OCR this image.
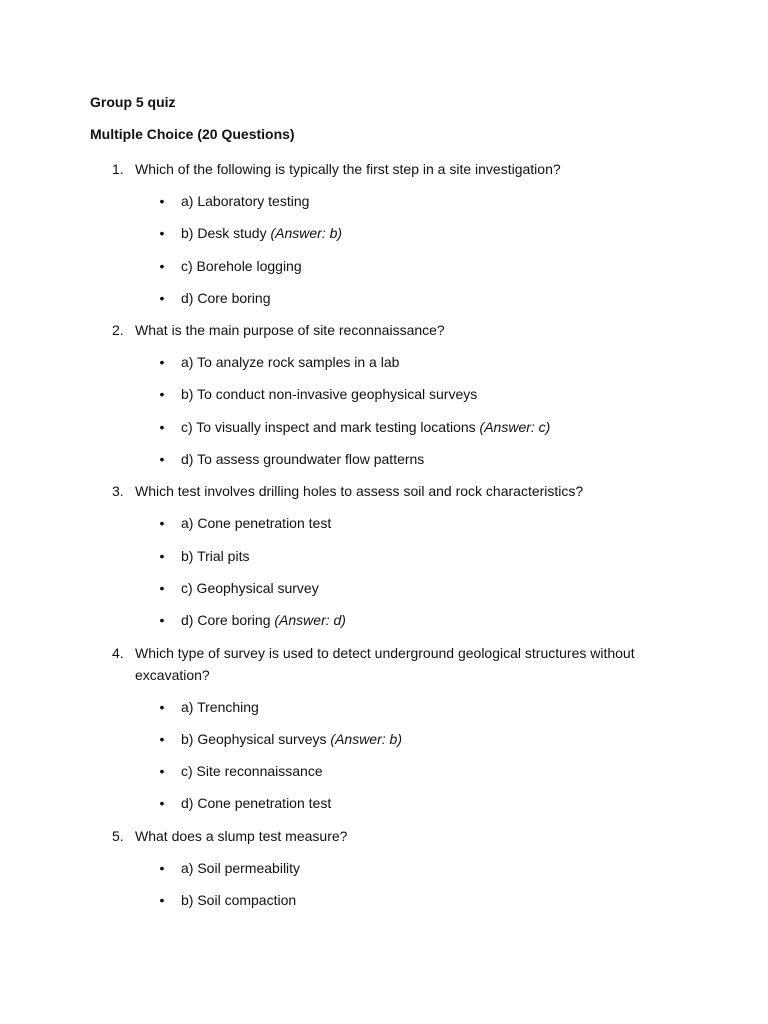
Group 5 quiz
Multiple Choice (20 Questions)
1. Which of the following is typically the first step in a site investigation?
• a) Laboratory testing
• b) Desk study (Answer: b)
• c) Borehole logging
• d) Core boring
2. What is the main purpose of site reconnaissance?
• a) To analyze rock samples in a lab
• b) To conduct non-invasive geophysical surveys
• c) To visually inspect and mark testing locations (Answer: c)
• d) To assess groundwater flow patterns
3. Which test involves drilling holes to assess soil and rock characteristics?
• a) Cone penetration test
• b) Trial pits
• c) Geophysical survey
• d) Core boring (Answer: d)
4. Which type of survey is used to detect underground geological structures without excavation?
• a) Trenching
• b) Geophysical surveys (Answer: b)
• c) Site reconnaissance
• d) Cone penetration test
5. What does a slump test measure?
• a) Soil permeability
• b) Soil compaction
